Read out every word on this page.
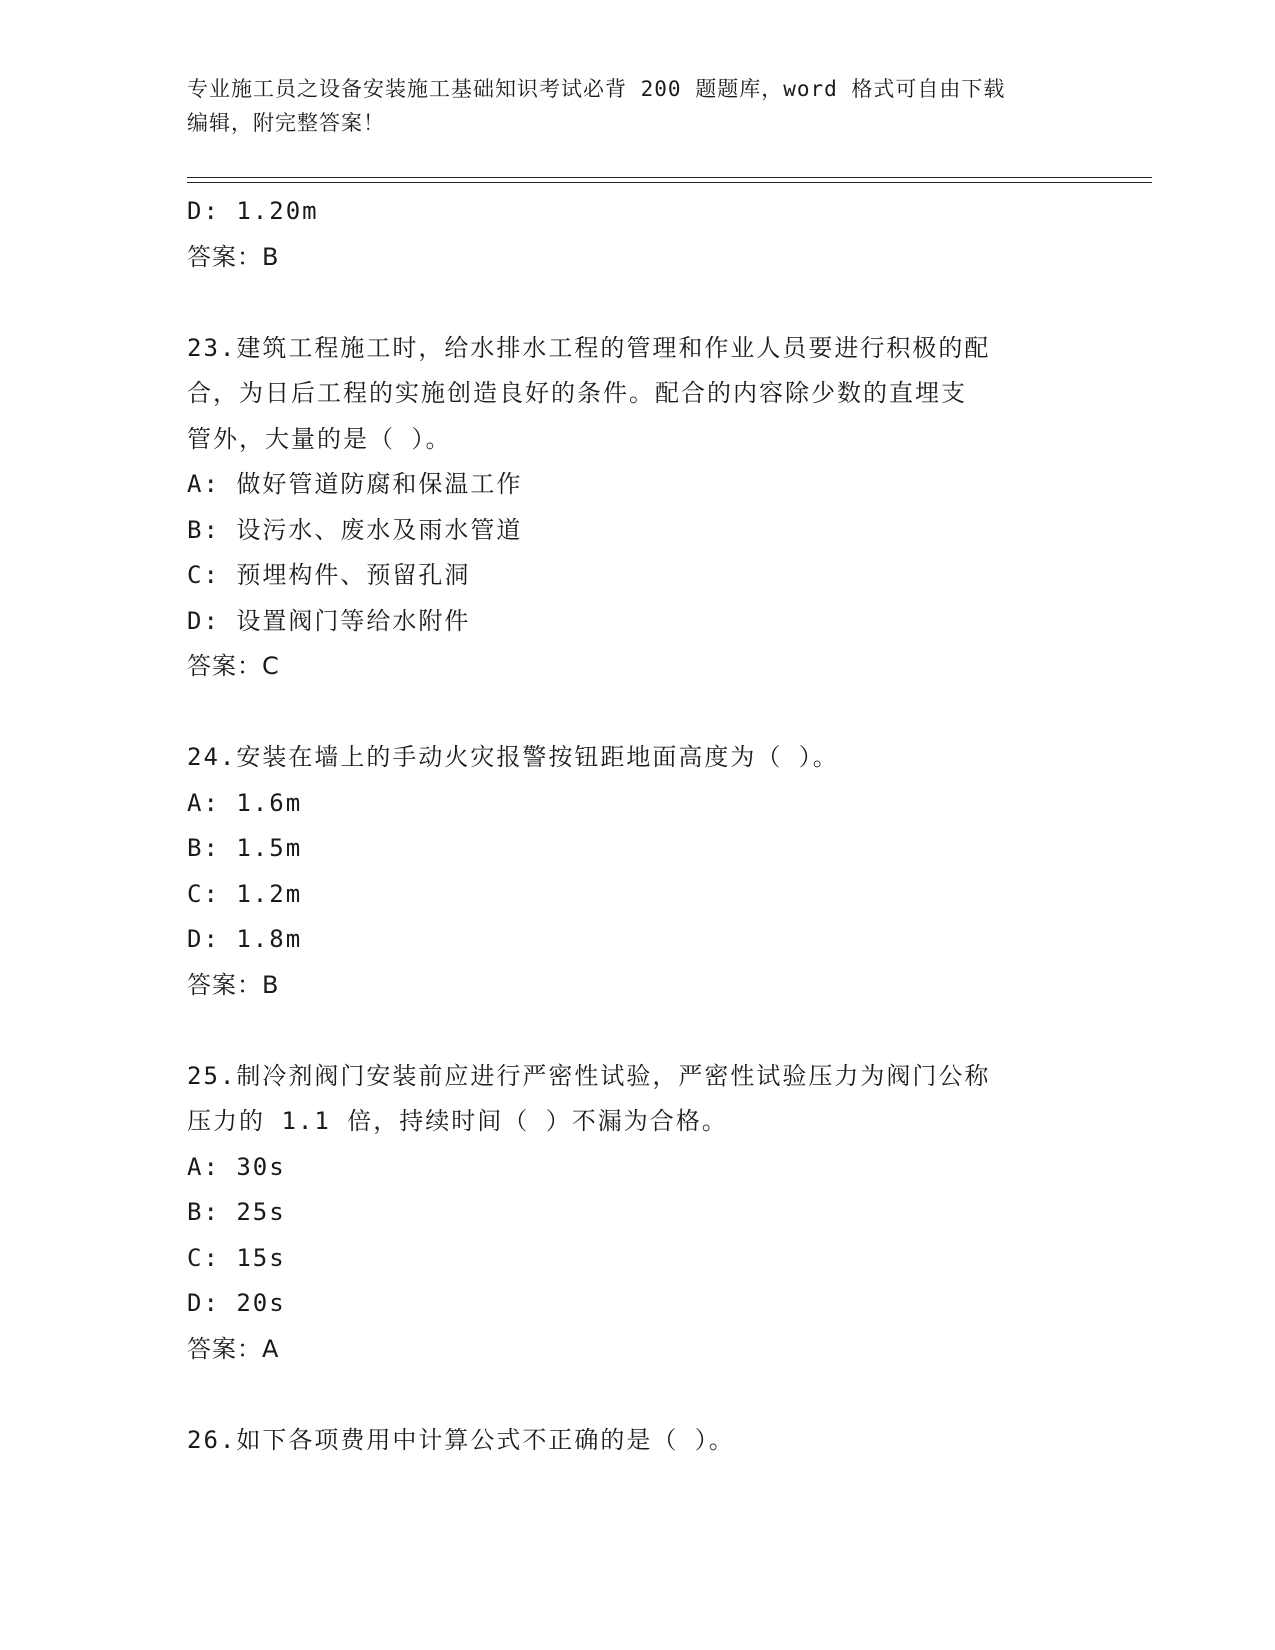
专业施工员之设备安装施工基础知识考试必背 200 题题库，word 格式可自由下载
编辑，附完整答案！
D: 1.20m
答案：B
23.建筑工程施工时，给水排水工程的管理和作业人员要进行积极的配
合，为日后工程的实施创造良好的条件。配合的内容除少数的直埋支
管外，大量的是（ ）。
A: 做好管道防腐和保温工作
B: 设污水、废水及雨水管道
C: 预埋构件、预留孔洞
D: 设置阀门等给水附件
答案：C
24.安装在墙上的手动火灾报警按钮距地面高度为（ ）。
A: 1.6m
B: 1.5m
C: 1.2m
D: 1.8m
答案：B
25.制冷剂阀门安装前应进行严密性试验，严密性试验压力为阀门公称
压力的 1.1 倍，持续时间（ ）不漏为合格。
A: 30s
B: 25s
C: 15s
D: 20s
答案：A
26.如下各项费用中计算公式不正确的是（ ）。
